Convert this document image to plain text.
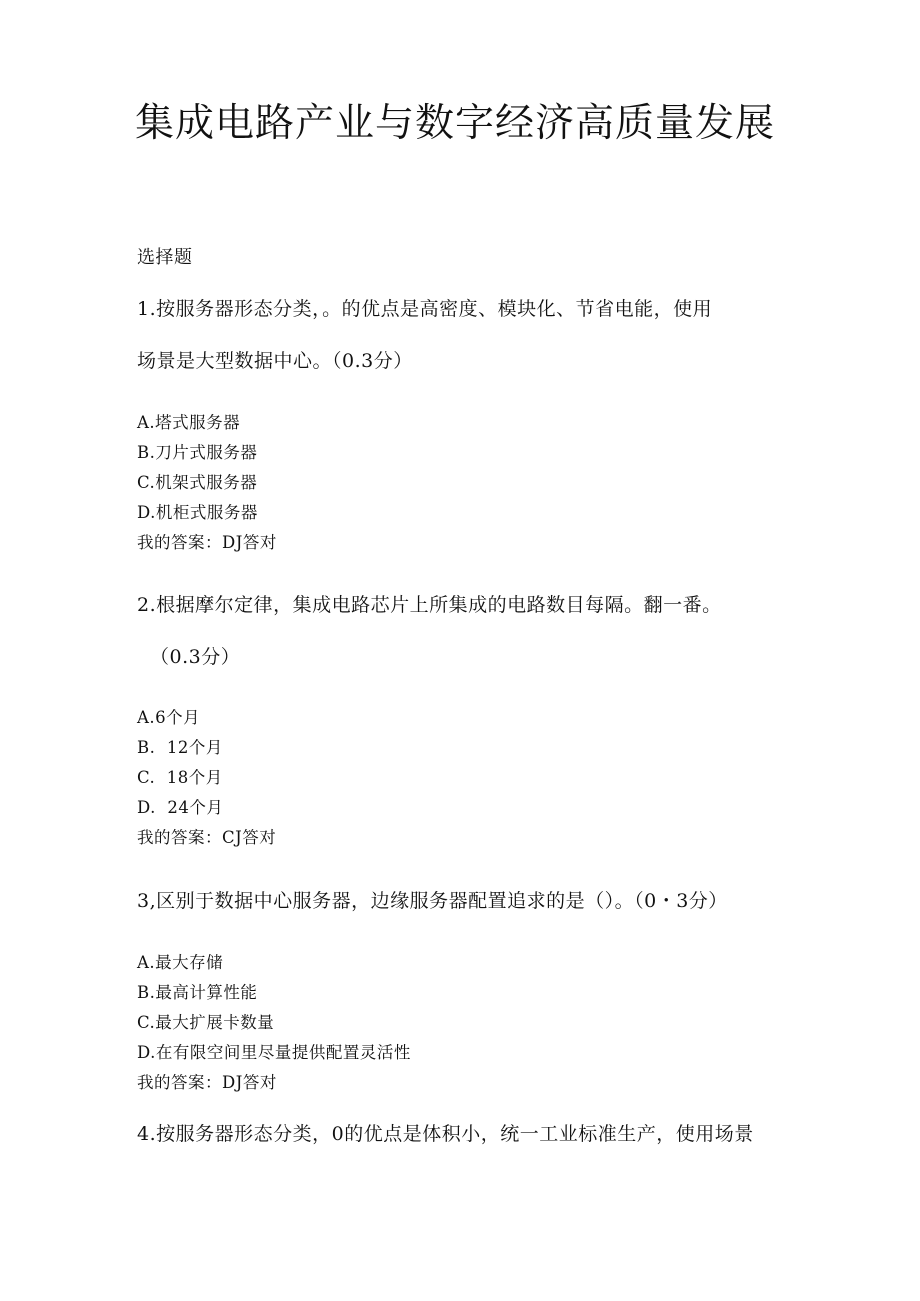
集成电路产业与数字经济高质量发展
选择题
1.按服务器形态分类，。的优点是高密度、模块化、节省电能，使用
场景是大型数据中心。（0.3分）
A.塔式服务器
B.刀片式服务器
C.机架式服务器
D.机柜式服务器
我的答案：DJ答对
2.根据摩尔定律，集成电路芯片上所集成的电路数目每隔。翻一番。
（0.3分）
A.6个月
B.  12个月
C.  18个月
D.  24个月
我的答案：CJ答对
3,区别于数据中心服务器，边缘服务器配置追求的是（）。（0・3分）
A.最大存储
B.最高计算性能
C.最大扩展卡数量
D.在有限空间里尽量提供配置灵活性
我的答案：DJ答对
4.按服务器形态分类，0的优点是体积小，统一工业标准生产，使用场景
